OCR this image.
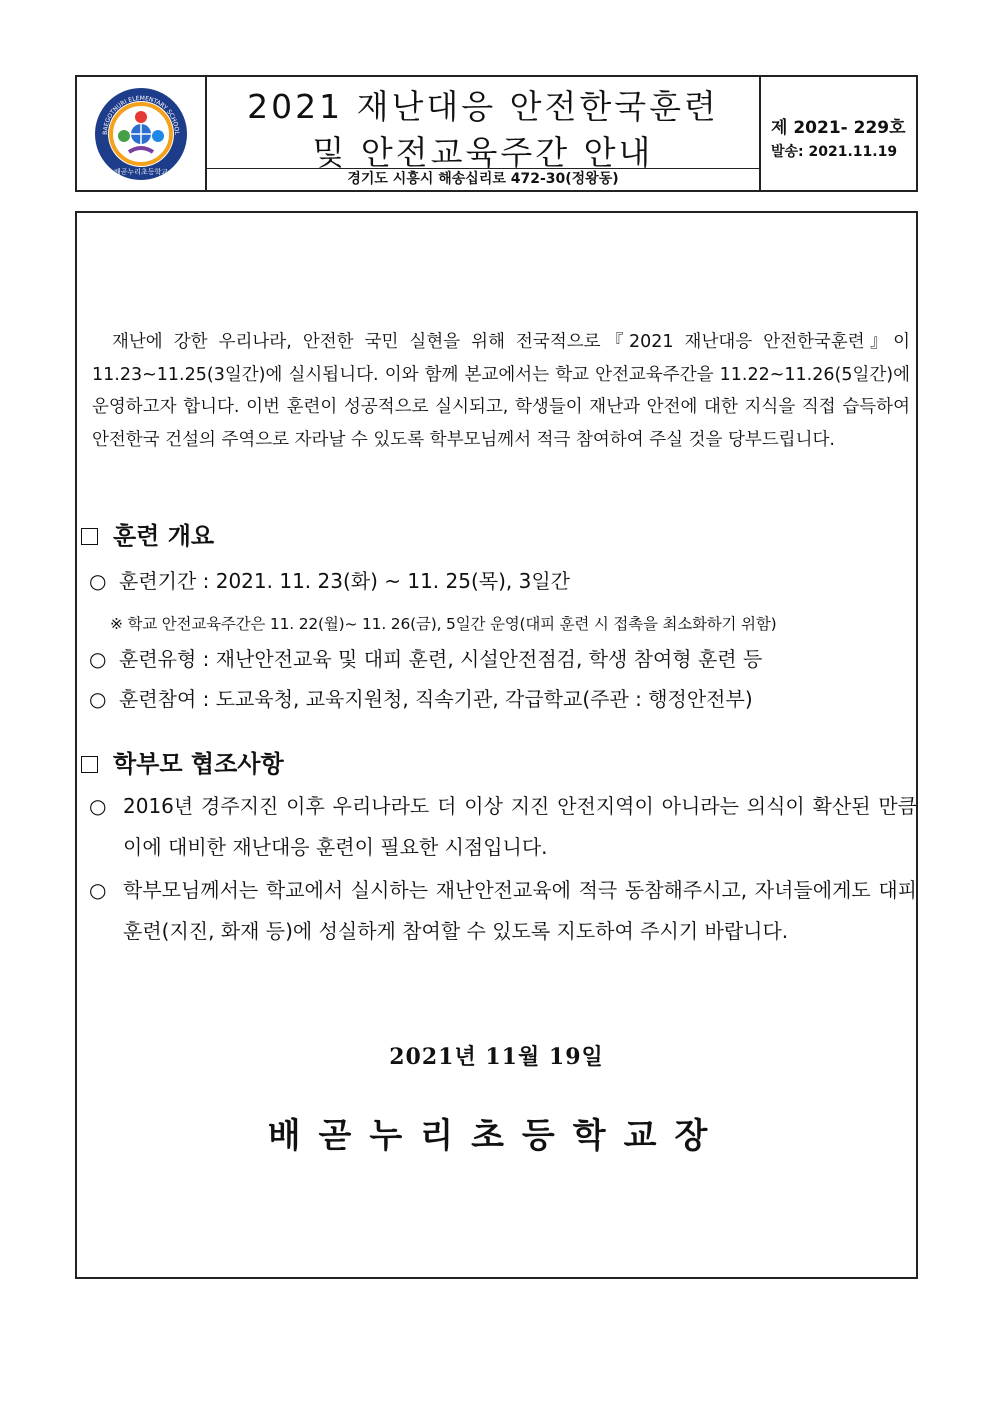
배곧누리초등학교
BAEGOTNURI ELEMENTARY SCHOOL
2021 재난대응 안전한국훈련
및 안전교육주간 안내
경기도 시흥시 해송십리로 472-30(정왕동)
제 2021- 229호
발송: 2021.11.19
재난에 강한 우리나라, 안전한 국민 실현을 위해 전국적으로『2021 재난대응 안전한국훈련』이 11.23~11.25(3일간)에 실시됩니다. 이와 함께 본교에서는 학교 안전교육주간을 11.22~11.26(5일간)에 운영하고자 합니다. 이번 훈련이 성공적으로 실시되고, 학생들이 재난과 안전에 대한 지식을 직접 습득하여 안전한국 건설의 주역으로 자라날 수 있도록 학부모님께서 적극 참여하여 주실 것을 당부드립니다.
훈련 개요
○ 훈련기간 : 2021. 11. 23(화) ~ 11. 25(목), 3일간
※ 학교 안전교육주간은 11. 22(월)~ 11. 26(금), 5일간 운영(대피 훈련 시 접촉을 최소화하기 위함)
○ 훈련유형 : 재난안전교육 및 대피 훈련, 시설안전점검, 학생 참여형 훈련 등
○ 훈련참여 : 도교육청, 교육지원청, 직속기관, 각급학교(주관 : 행정안전부)
학부모 협조사항
○ 2016년 경주지진 이후 우리나라도 더 이상 지진 안전지역이 아니라는 의식이 확산된 만큼 이에 대비한 재난대응 훈련이 필요한 시점입니다.
○ 학부모님께서는 학교에서 실시하는 재난안전교육에 적극 동참해주시고, 자녀들에게도 대피훈련(지진, 화재 등)에 성실하게 참여할 수 있도록 지도하여 주시기 바랍니다.
2021년 11월 19일
배곧누리초등학교장
